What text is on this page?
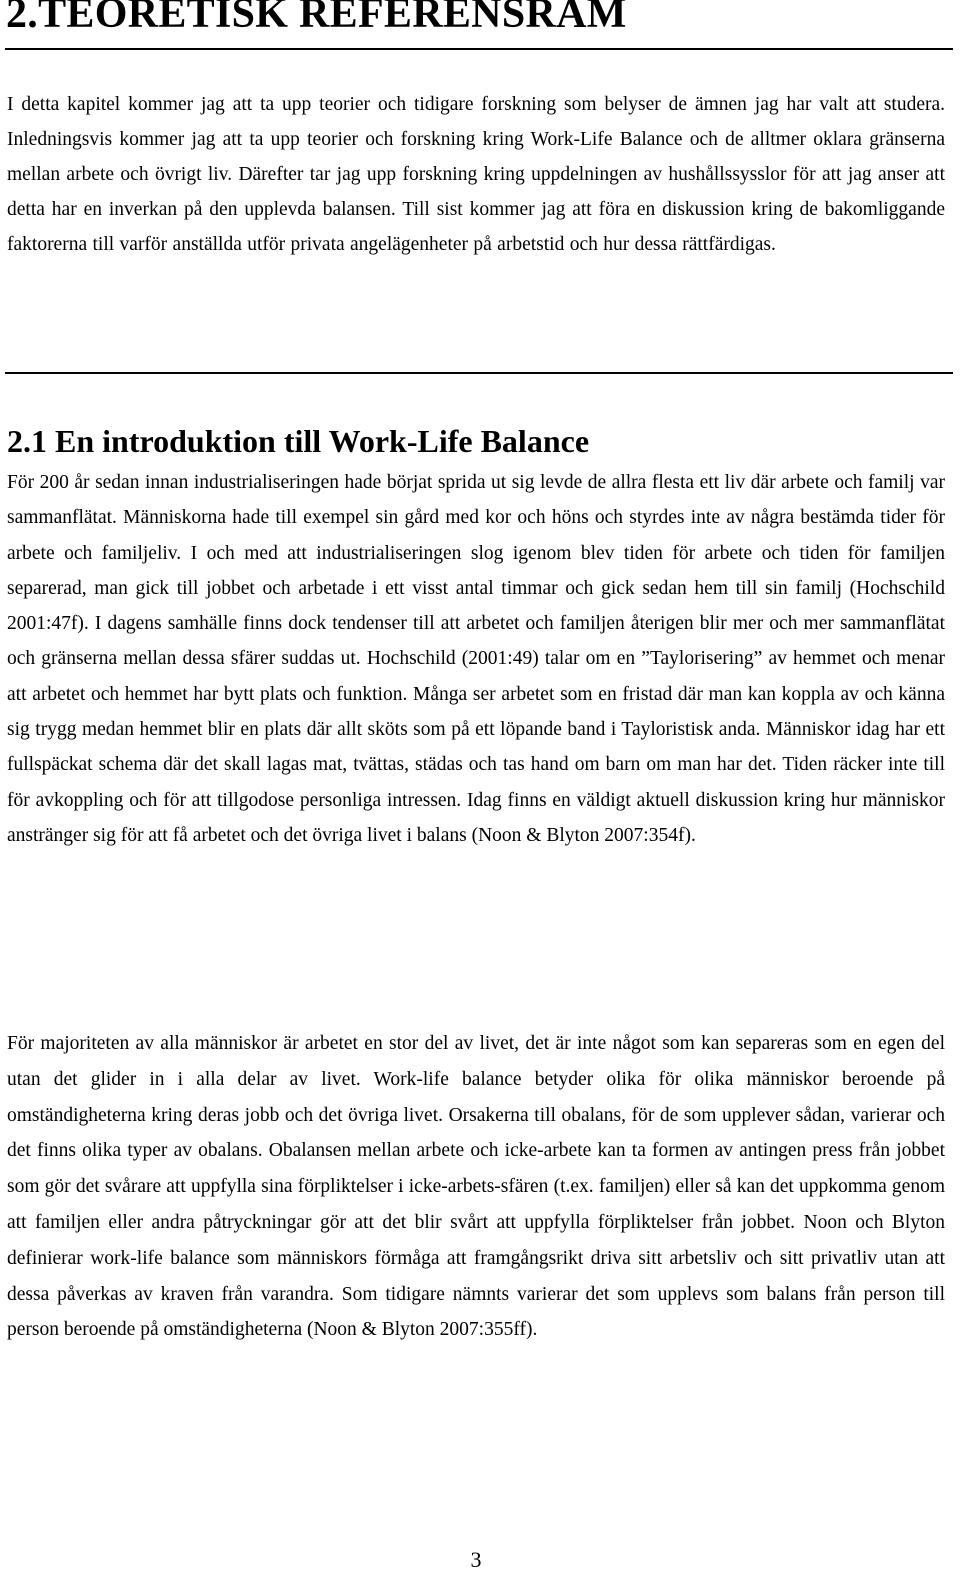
2.TEORETISK REFERENSRAM

I detta kapitel kommer jag att ta upp teorier och tidigare forskning som belyser de ämnen jag har valt att studera. Inledningsvis kommer jag att ta upp teorier och forskning kring Work-Life Balance och de alltmer oklara gränserna mellan arbete och övrigt liv. Därefter tar jag upp forskning kring uppdelningen av hushållssysslor för att jag anser att detta har en inverkan på den upplevda balansen. Till sist kommer jag att föra en diskussion kring de bakomliggande faktorerna till varför anställda utför privata angelägenheter på arbetstid och hur dessa rättfärdigas.

2.1 En introduktion till Work-Life Balance

För 200 år sedan innan industrialiseringen hade börjat sprida ut sig levde de allra flesta ett liv där arbete och familj var sammanflätat. Människorna hade till exempel sin gård med kor och höns och styrdes inte av några bestämda tider för arbete och familjeliv. I och med att industrialiseringen slog igenom blev tiden för arbete och tiden för familjen separerad, man gick till jobbet och arbetade i ett visst antal timmar och gick sedan hem till sin familj (Hochschild 2001:47f). I dagens samhälle finns dock tendenser till att arbetet och familjen återigen blir mer och mer sammanflätat och gränserna mellan dessa sfärer suddas ut. Hochschild (2001:49) talar om en ”Taylorisering” av hemmet och menar att arbetet och hemmet har bytt plats och funktion. Många ser arbetet som en fristad där man kan koppla av och känna sig trygg medan hemmet blir en plats där allt sköts som på ett löpande band i Tayloristisk anda. Människor idag har ett fullspäckat schema där det skall lagas mat, tvättas, städas och tas hand om barn om man har det. Tiden räcker inte till för avkoppling och för att tillgodose personliga intressen. Idag finns en väldigt aktuell diskussion kring hur människor anstränger sig för att få arbetet och det övriga livet i balans (Noon & Blyton 2007:354f).

För majoriteten av alla människor är arbetet en stor del av livet, det är inte något som kan separeras som en egen del utan det glider in i alla delar av livet. Work-life balance betyder olika för olika människor beroende på omständigheterna kring deras jobb och det övriga livet. Orsakerna till obalans, för de som upplever sådan, varierar och det finns olika typer av obalans. Obalansen mellan arbete och icke-arbete kan ta formen av antingen press från jobbet som gör det svårare att uppfylla sina förpliktelser i icke-arbets-sfären (t.ex. familjen) eller så kan det uppkomma genom att familjen eller andra påtryckningar gör att det blir svårt att uppfylla förpliktelser från jobbet. Noon och Blyton definierar work-life balance som människors förmåga att framgångsrikt driva sitt arbetsliv och sitt privatliv utan att dessa påverkas av kraven från varandra. Som tidigare nämnts varierar det som upplevs som balans från person till person beroende på omständigheterna (Noon & Blyton 2007:355ff).

3
